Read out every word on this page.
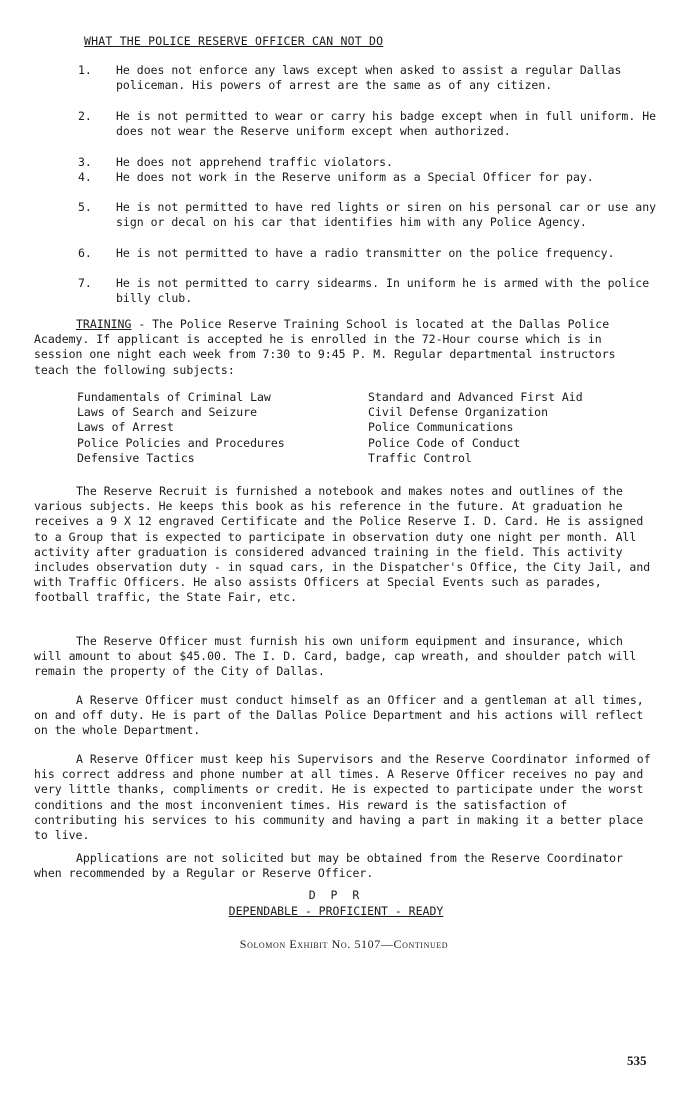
WHAT THE POLICE RESERVE OFFICER CAN NOT DO
1.	He does not enforce any laws except when asked to assist a regular Dallas policeman. His powers of arrest are the same as of any citizen.
2.	He is not permitted to wear or carry his badge except when in full uniform. He does not wear the Reserve uniform except when authorized.
3.	He does not apprehend traffic violators.
4.	He does not work in the Reserve uniform as a Special Officer for pay.
5.	He is not permitted to have red lights or siren on his personal car or use any sign or decal on his car that identifies him with any Police Agency.
6.	He is not permitted to have a radio transmitter on the police frequency.
7.	He is not permitted to carry sidearms. In uniform he is armed with the police billy club.

TRAINING - The Police Reserve Training School is located at the Dallas Police Academy. If applicant is accepted he is enrolled in the 72-Hour course which is in session one night each week from 7:30 to 9:45 P. M. Regular departmental instructors teach the following subjects:

Fundamentals of Criminal Law
Laws of Search and Seizure
Laws of Arrest
Police Policies and Procedures
Defensive Tactics
Standard and Advanced First Aid
Civil Defense Organization
Police Communications
Police Code of Conduct
Traffic Control

The Reserve Recruit is furnished a notebook and makes notes and outlines of the various subjects. He keeps this book as his reference in the future. At graduation he receives a 9 X 12 engraved Certificate and the Police Reserve I. D. Card. He is assigned to a Group that is expected to participate in observation duty one night per month. All activity after graduation is considered advanced training in the field. This activity includes observation duty - in squad cars, in the Dispatcher's Office, the City Jail, and with Traffic Officers. He also assists Officers at Special Events such as parades, football traffic, the State Fair, etc.

The Reserve Officer must furnish his own uniform equipment and insurance, which will amount to about $45.00. The I. D. Card, badge, cap wreath, and shoulder patch will remain the property of the City of Dallas.

A Reserve Officer must conduct himself as an Officer and a gentleman at all times, on and off duty. He is part of the Dallas Police Department and his actions will reflect on the whole Department.

A Reserve Officer must keep his Supervisors and the Reserve Coordinator informed of his correct address and phone number at all times. A Reserve Officer receives no pay and very little thanks, compliments or credit. He is expected to participate under the worst conditions and the most inconvenient times. His reward is the satisfaction of contributing his services to his community and having a part in making it a better place to live.

Applications are not solicited but may be obtained from the Reserve Coordinator when recommended by a Regular or Reserve Officer.

D P R
DEPENDABLE - PROFICIENT - READY
Solomon Exhibit No. 5107—Continued
535
